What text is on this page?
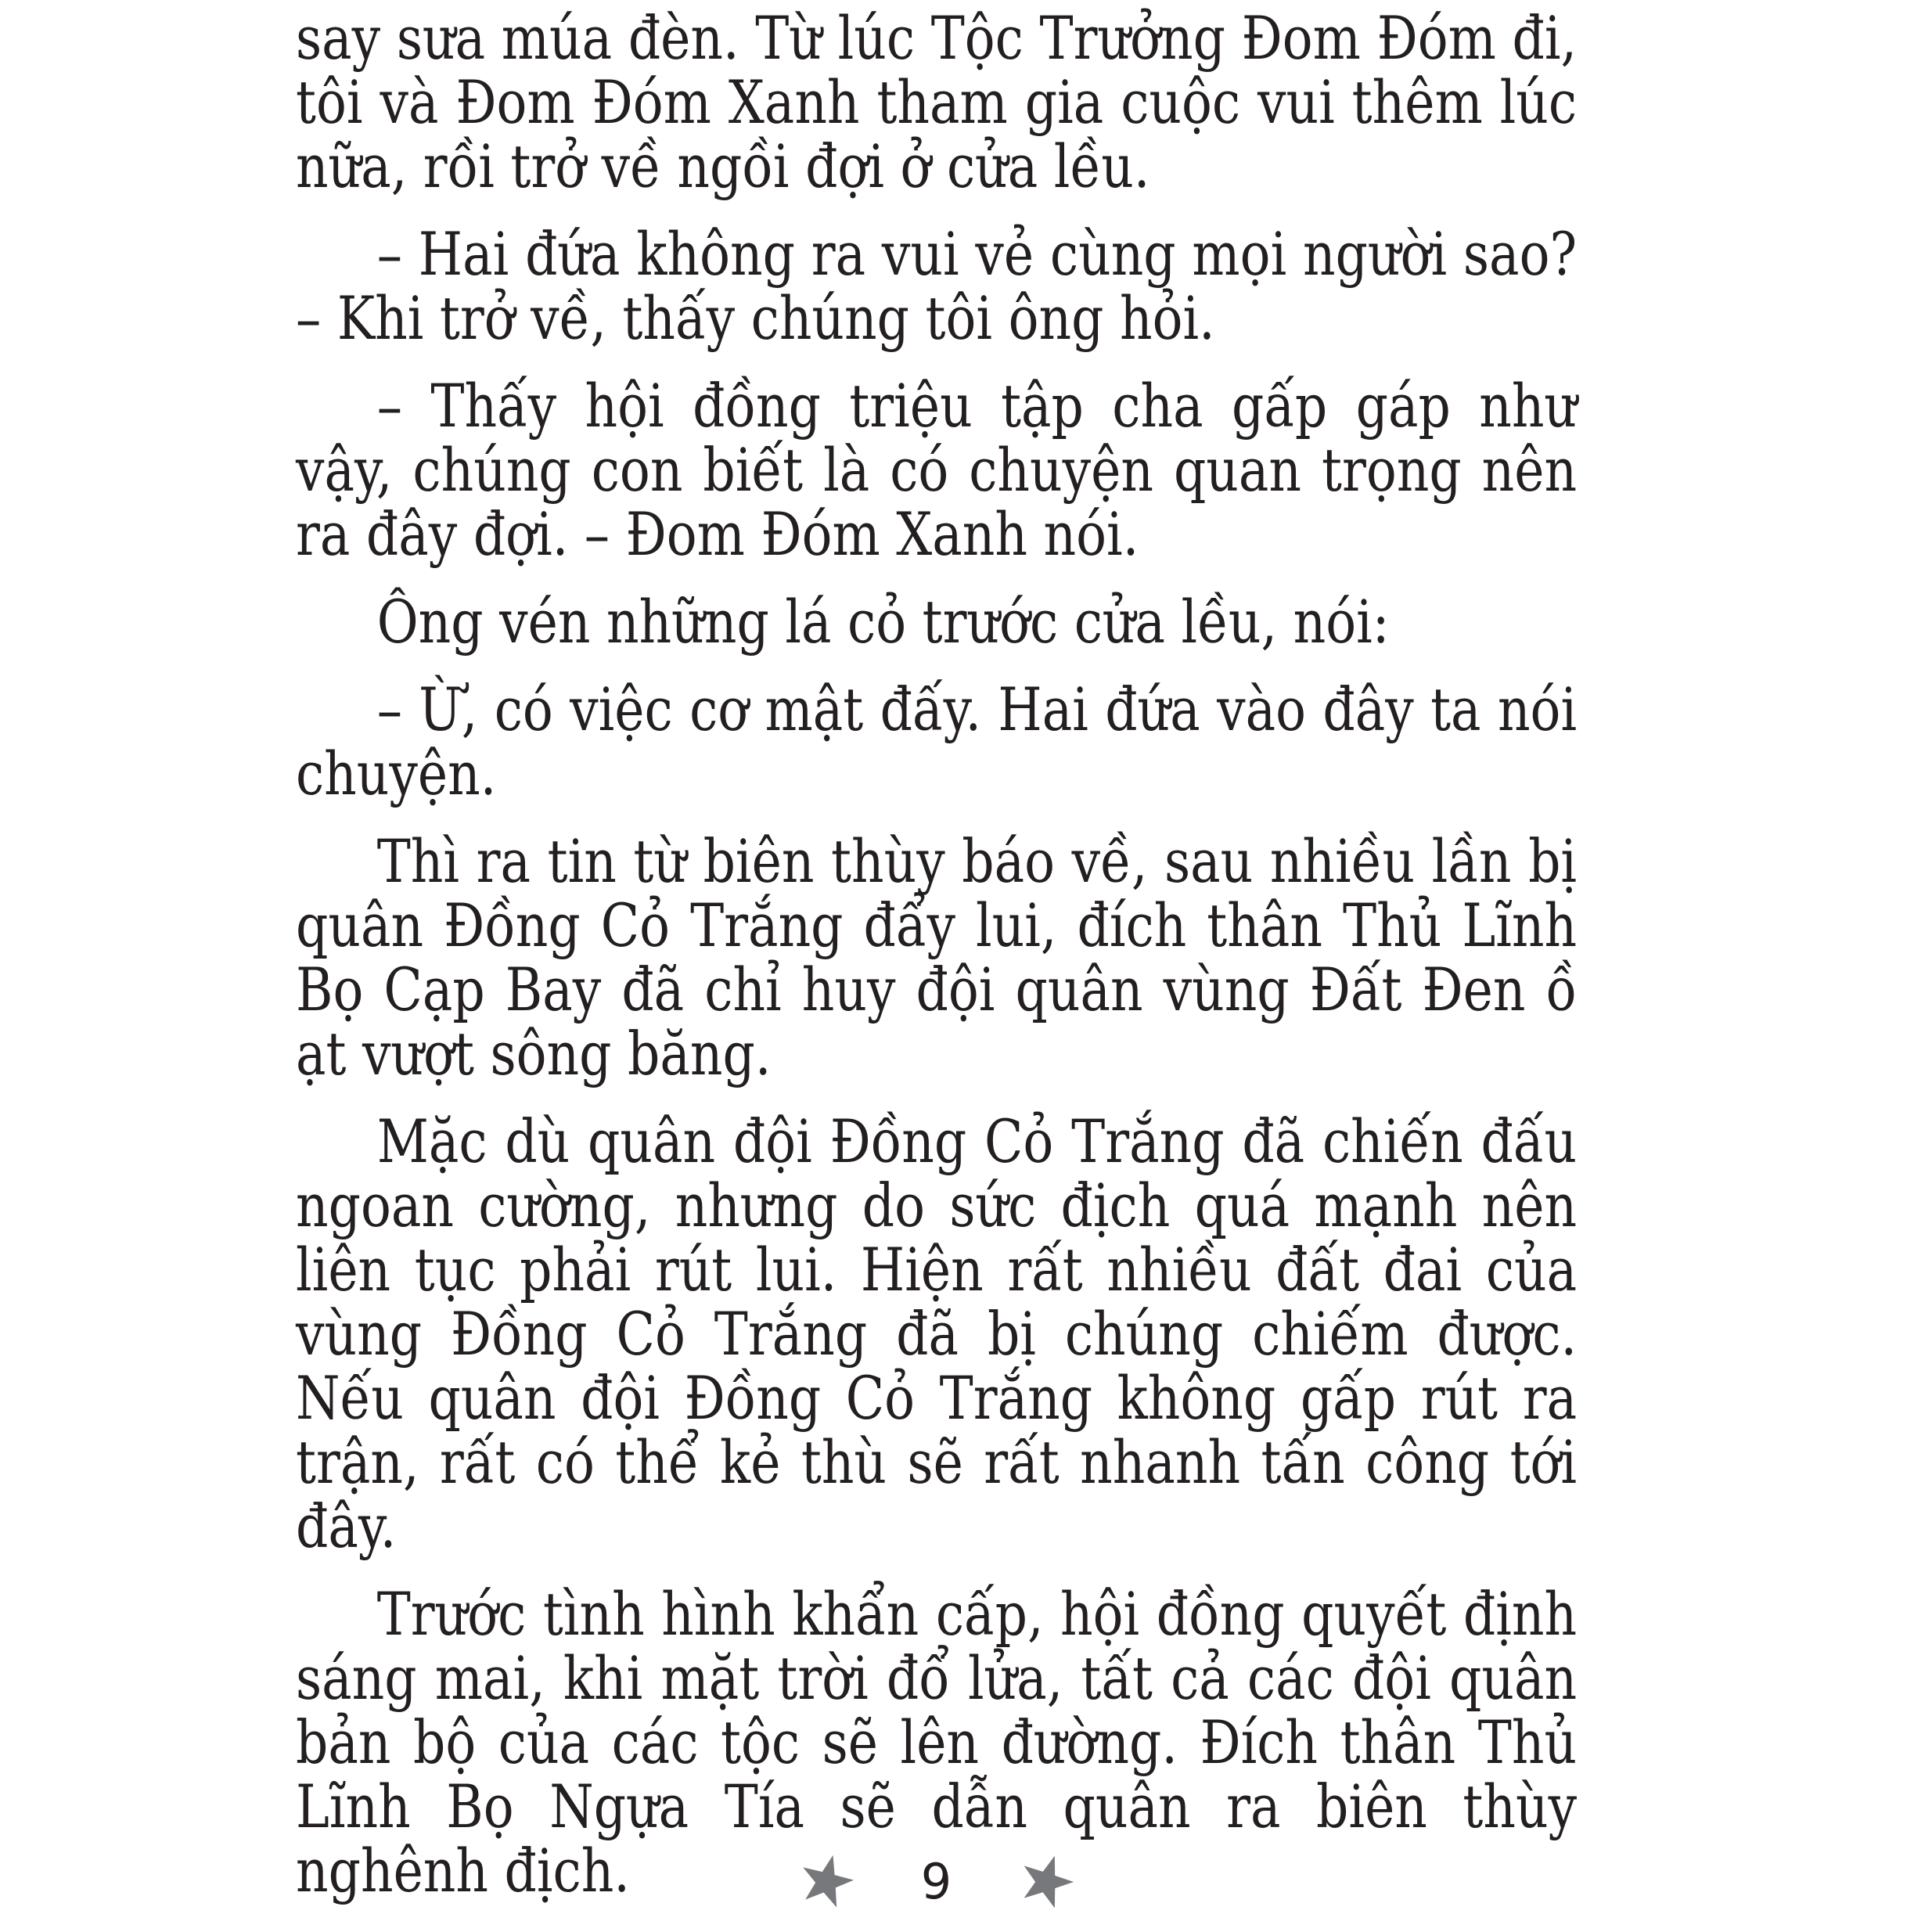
say sưa múa đèn. Từ lúc Tộc Trưởng Đom Đóm đi, tôi và Đom Đóm Xanh tham gia cuộc vui thêm lúc nữa, rồi trở về ngồi đợi ở cửa lều.

– Hai đứa không ra vui vẻ cùng mọi người sao? – Khi trở về, thấy chúng tôi ông hỏi.

– Thấy hội đồng triệu tập cha gấp gáp như vậy, chúng con biết là có chuyện quan trọng nên ra đây đợi. – Đom Đóm Xanh nói.

Ông vén những lá cỏ trước cửa lều, nói:

– Ừ, có việc cơ mật đấy. Hai đứa vào đây ta nói chuyện.

Thì ra tin từ biên thùy báo về, sau nhiều lần bị quân Đồng Cỏ Trắng đẩy lui, đích thân Thủ Lĩnh Bọ Cạp Bay đã chỉ huy đội quân vùng Đất Đen ồ ạt vượt sông băng.

Mặc dù quân đội Đồng Cỏ Trắng đã chiến đấu ngoan cường, nhưng do sức địch quá mạnh nên liên tục phải rút lui. Hiện rất nhiều đất đai của vùng Đồng Cỏ Trắng đã bị chúng chiếm được. Nếu quân đội Đồng Cỏ Trắng không gấp rút ra trận, rất có thể kẻ thù sẽ rất nhanh tấn công tới đây.

Trước tình hình khẩn cấp, hội đồng quyết định sáng mai, khi mặt trời đổ lửa, tất cả các đội quân bản bộ của các tộc sẽ lên đường. Đích thân Thủ Lĩnh Bọ Ngựa Tía sẽ dẫn quân ra biên thùy nghênh địch.	9
